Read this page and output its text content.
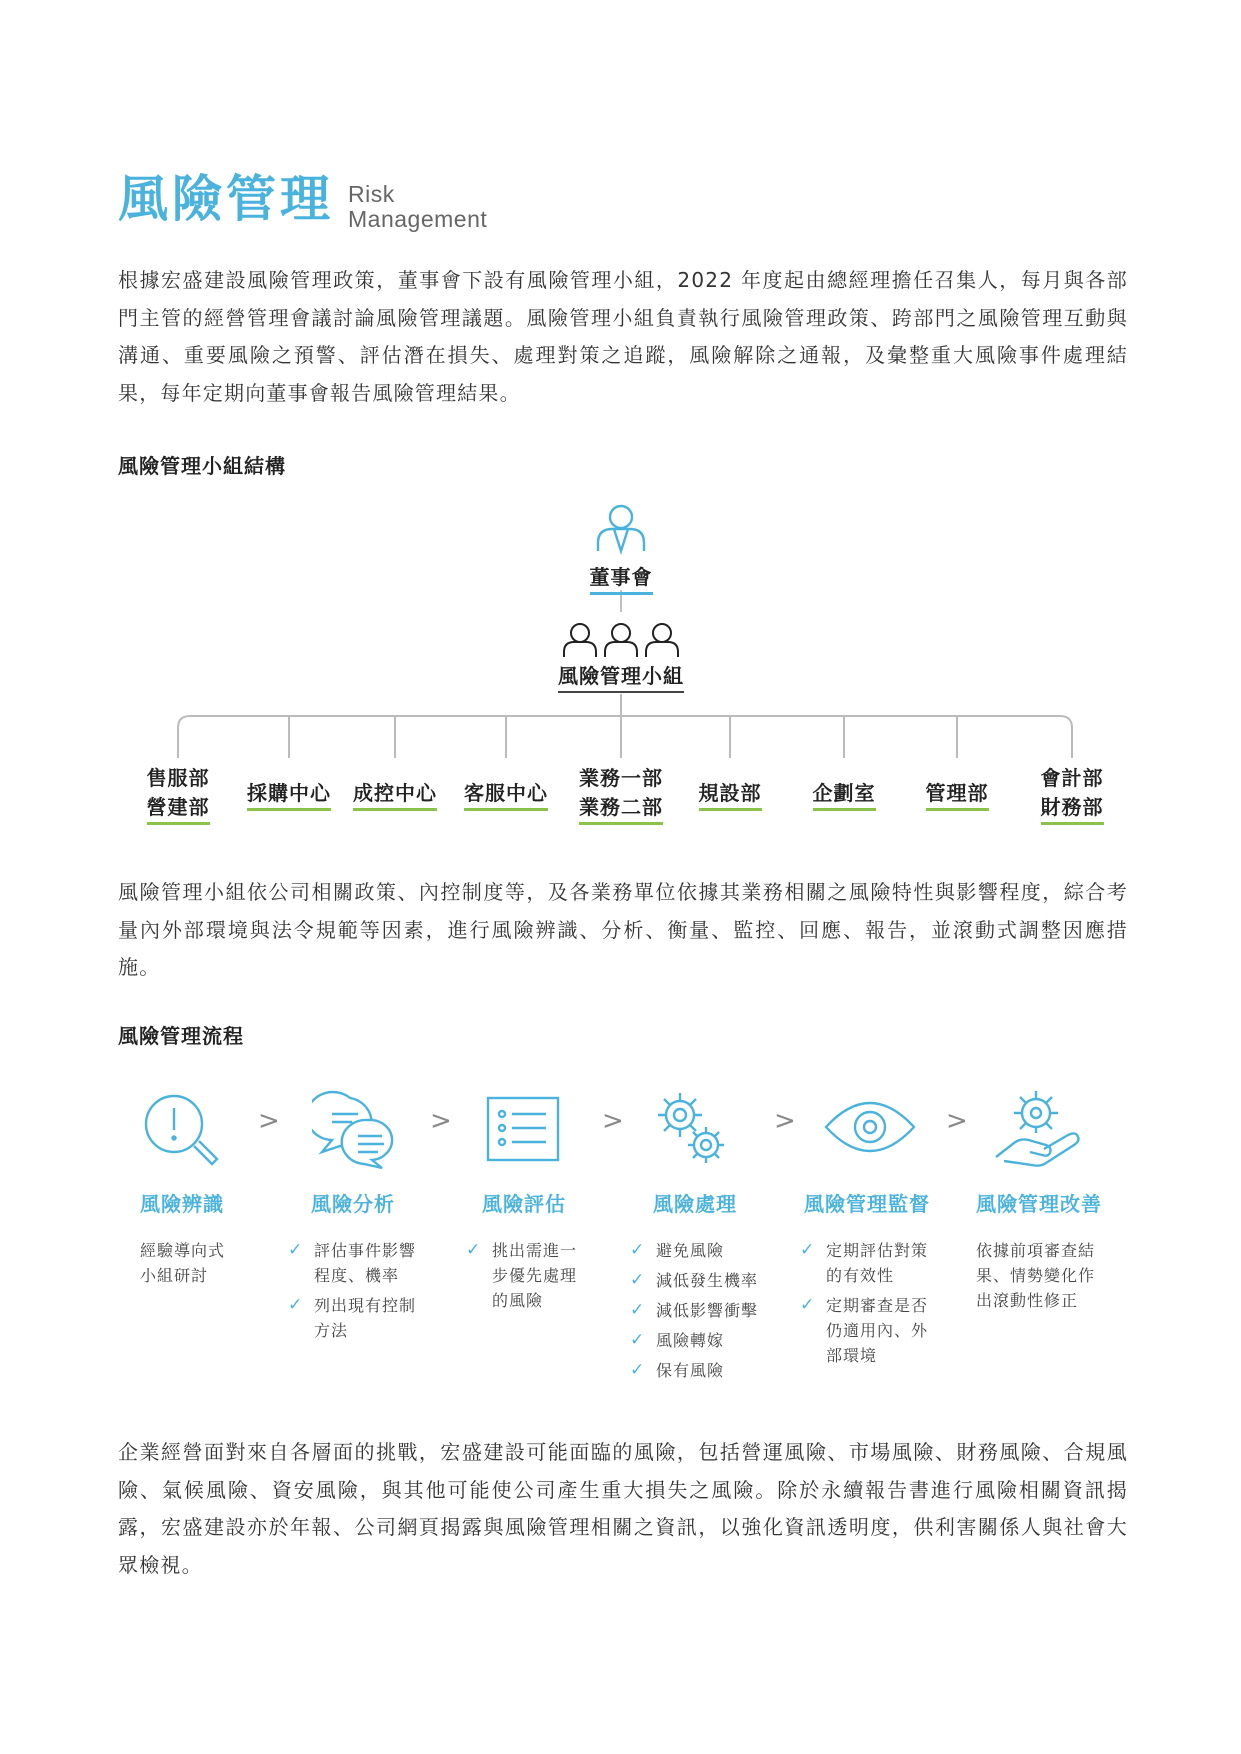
風險管理 Risk
Management

根據宏盛建設風險管理政策，董事會下設有風險管理小組，2022 年度起由總經理擔任召集人，每月與各部門主管的經營管理會議討論風險管理議題。風險管理小組負責執行風險管理政策、跨部門之風險管理互動與溝通、重要風險之預警、評估潛在損失、處理對策之追蹤，風險解除之通報，及彙整重大風險事件處理結果，每年定期向董事會報告風險管理結果。

風險管理小組結構
董事會
風險管理小組
售服部
營建部
採購中心	成控中心	客服中心
業務一部
業務二部
規設部	企劃室	管理部
會計部
財務部

風險管理小組依公司相關政策、內控制度等，及各業務單位依據其業務相關之風險特性與影響程度，綜合考量內外部環境與法令規範等因素，進行風險辨識、分析、衡量、監控、回應、報告，並滾動式調整因應措施。

風險管理流程
>	>	>	>	>
風險辨識	風險分析	風險評估	風險處理	風險管理監督	風險管理改善
經驗導向式
小組研討
✓ 評估事件影響
程度、機率
✓ 列出現有控制
方法
✓ 挑出需進一
步優先處理
的風險
✓ 避免風險
✓ 減低發生機率
✓ 減低影響衝擊
✓ 風險轉嫁
✓ 保有風險
✓ 定期評估對策
的有效性
✓ 定期審查是否
仍適用內、外
部環境
依據前項審查結
果、情勢變化作
出滾動性修正

企業經營面對來自各層面的挑戰，宏盛建設可能面臨的風險，包括營運風險、市場風險、財務風險、合規風險、氣候風險、資安風險，與其他可能使公司產生重大損失之風險。除於永續報告書進行風險相關資訊揭露，宏盛建設亦於年報、公司網頁揭露與風險管理相關之資訊，以強化資訊透明度，供利害關係人與社會大眾檢視。
